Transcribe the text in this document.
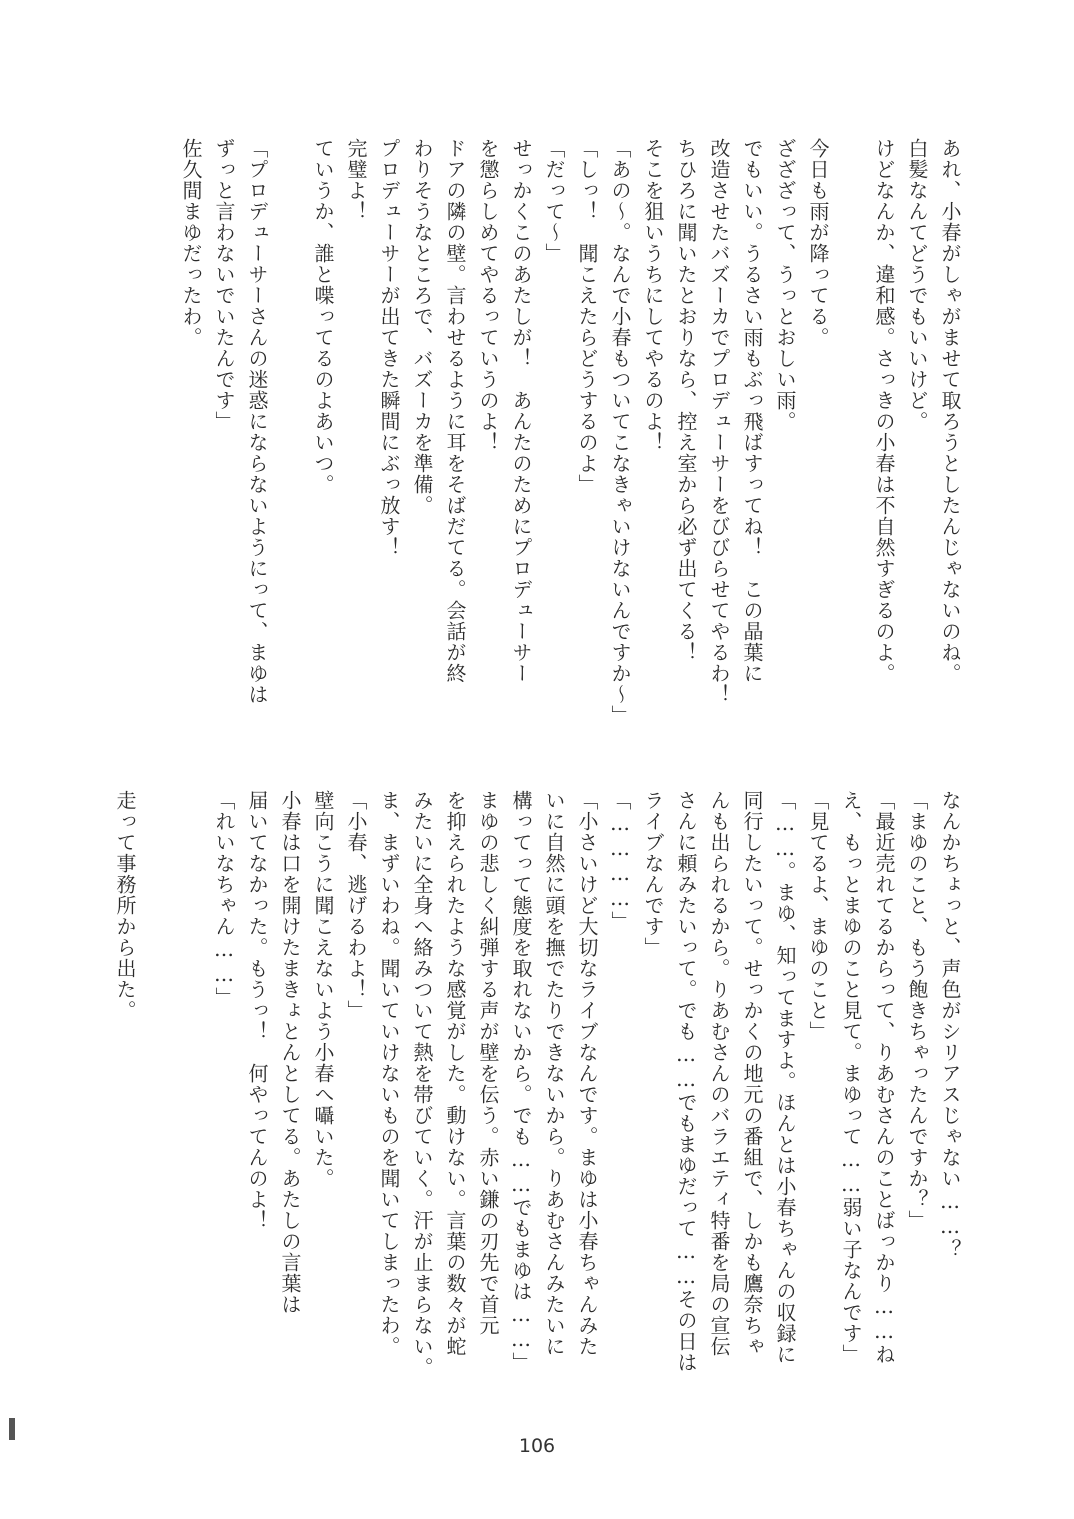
あれ、小春がしゃがませて取ろうとしたんじゃないのね。
白髪なんてどうでもいいけど。
けどなんか、違和感。さっきの小春は不自然すぎるのよ。

今日も雨が降ってる。
ざざざって、うっとおしい雨。
でもいい。うるさい雨もぶっ飛ばすってね！　この晶葉に
改造させたバズーカでプロデューサーをびびらせてやるわ！
ちひろに聞いたとおりなら、控え室から必ず出てくる！
そこを狙いうちにしてやるのよ！
「あの〜。なんで小春もついてこなきゃいけないんですか〜」
「しっ！　聞こえたらどうするのよ」
「だって〜」
せっかくこのあたしが！　あんたのためにプロデューサー
を懲らしめてやるっていうのよ！
ドアの隣の壁。言わせるように耳をそばだてる。会話が終
わりそうなところで、バズーカを準備。
プロデューサーが出てきた瞬間にぶっ放す！
完璧よ！
ていうか、誰と喋ってるのよあいつ。

「プロデューサーさんの迷惑にならないようにって、まゆは
ずっと言わないでいたんです」
佐久間まゆだったわ。
なんかちょっと、声色がシリアスじゃない……？
「まゆのこと、もう飽きちゃったんですか？」
「最近売れてるからって、りあむさんのことばっかり……ね
え、もっとまゆのこと見て。まゆって……弱い子なんです」
「見てるよ、まゆのこと」
「……。まゆ、知ってますよ。ほんとは小春ちゃんの収録に
同行したいって。せっかくの地元の番組で、しかも鷹奈ちゃ
んも出られるから。りあむさんのバラエティ特番を局の宣伝
さんに頼みたいって。でも……でもまゆだって……その日は
ライブなんです」
「…………」
「小さいけど大切なライブなんです。まゆは小春ちゃんみた
いに自然に頭を撫でたりできないから。りあむさんみたいに
構ってって態度を取れないから。でも……でもまゆは……」
まゆの悲しく糾弾する声が壁を伝う。赤い鎌の刃先で首元
を抑えられたような感覚がした。動けない。言葉の数々が蛇
みたいに全身へ絡みついて熱を帯びていく。汗が止まらない。
ま、まずいわね。聞いていけないものを聞いてしまったわ。
「小春、逃げるわよ！」
壁向こうに聞こえないよう小春へ囁いた。
小春は口を開けたまきょとんとしてる。あたしの言葉は
届いてなかった。もうっ！　何やってんのよ！
「れいなちゃん……」

走って事務所から出た。
106
